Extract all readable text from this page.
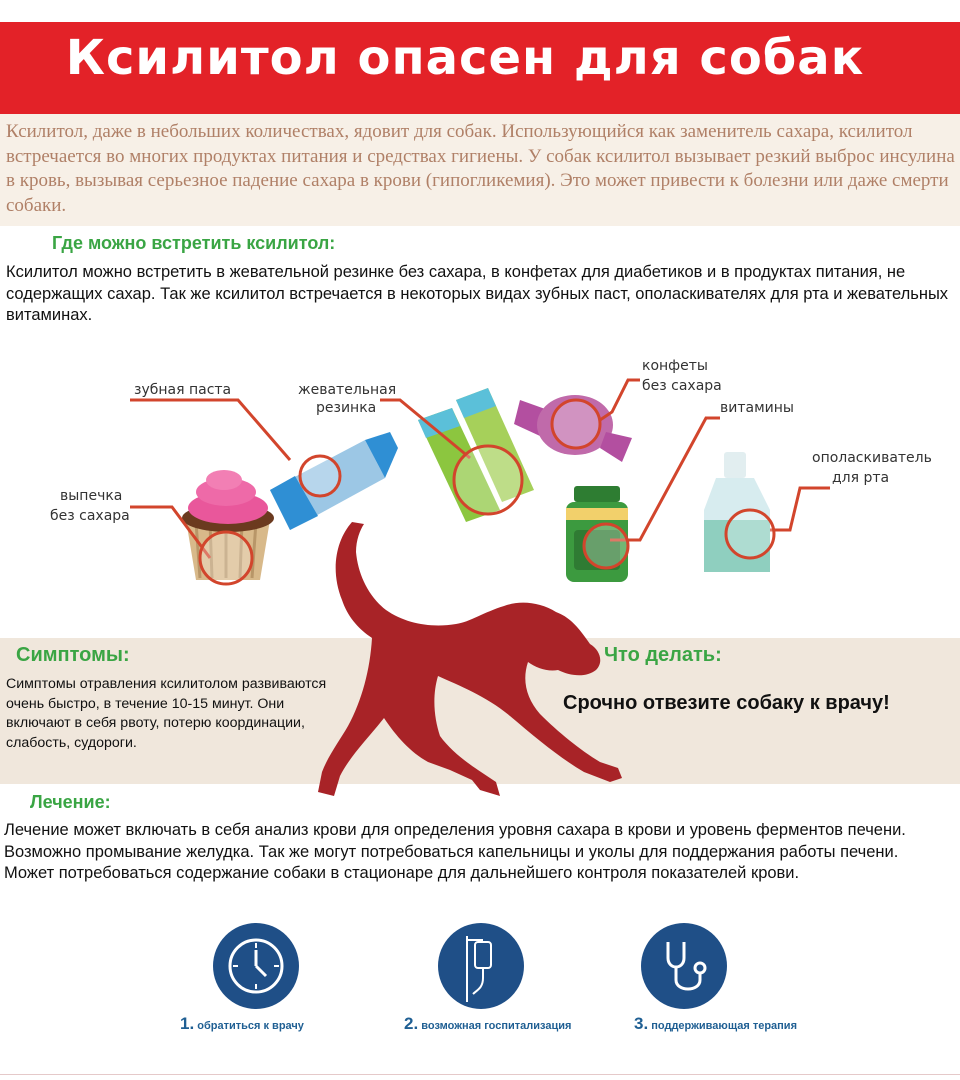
Ксилитол опасен для собак
Ксилитол, даже в небольших количествах, ядовит для собак. Использующийся как заменитель сахара, ксилитол встречается во многих продуктах питания и средствах гигиены. У собак ксилитол вызывает резкий выброс инсулина в кровь, вызывая серьезное падение сахара в крови (гипогликемия). Это может привести к болезни или даже смерти собаки.
Где можно встретить ксилитол:
Ксилитол можно встретить в жевательной резинке без сахара, в конфетах для диабетиков и в продуктах питания, не содержащих сахар. Так же ксилитол встречается в некоторых видах зубных паст, ополаскивателях для рта и жевательных витаминах.
зубная паста	жевательная
резинка
конфеты
без сахара
витамины
ополаскиватель
для рта
выпечка
без сахара
Симптомы:
Симптомы отравления ксилитолом развиваются очень быстро, в течение 10-15 минут. Они включают в себя рвоту, потерю координации, слабость, судороги.
Что делать:
Срочно отвезите собаку к врачу!
Лечение:
Лечение может включать в себя анализ крови для определения уровня сахара в крови и уровень ферментов печени. Возможно промывание желудка. Так же могут потребоваться капельницы и уколы для поддержания работы печени. Может потребоваться содержание собаки в стационаре для дальнейшего контроля показателей крови.
1. обратиться к врачу	2. возможная госпитализация	3. поддерживающая терапия
